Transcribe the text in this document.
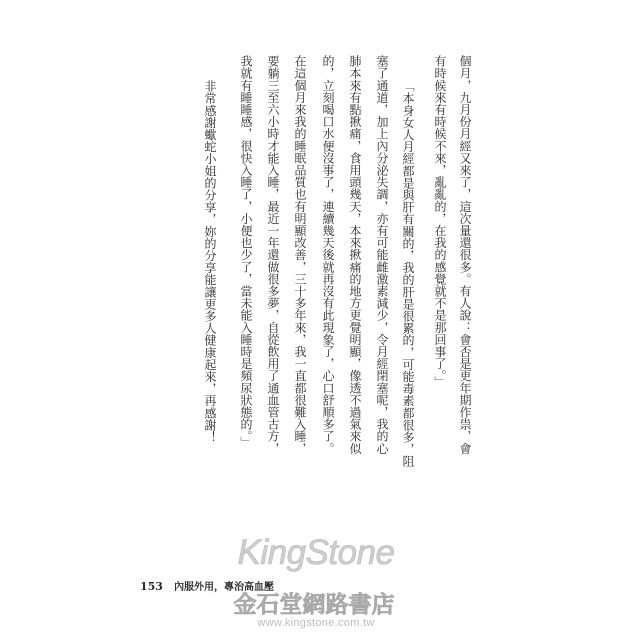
個月，九月份月經又來了，這次量還很多。有人說：會否是更年期作祟，會
有時候來有時候不來，亂亂的，在我的感覺就不是那回事了。」
「本身女人月經都是與肝有關的，我的肝是很累的，可能毒素都很多，阻
塞了通道，加上內分泌失調，亦有可能雌激素減少，令月經閉塞呢，我的心
肺本來有點揪痛，食用頭幾天，本來揪痛的地方更覺明顯，像透不過氣來似
的，立刻喝口水便沒事了，連續幾天後就再沒有此現象了，心口舒順多了。
在這個月來我的睡眠品質也有明顯改善，三十多年來，我一直都很難入睡，
要躺三至六小時才能入睡，最近一年還做很多夢，自從飲用了通血管古方，
我就有睡睡感，很快入睡了，小便也少了，當未能入睡時是頻尿狀態的。」
非常感謝蠍蛇小姐的分享，妳的分享能讓更多人健康起來，再感謝！
KingStone
153 內服外用，專治高血壓
金石堂網路書店
www.kingstone.com.tw
